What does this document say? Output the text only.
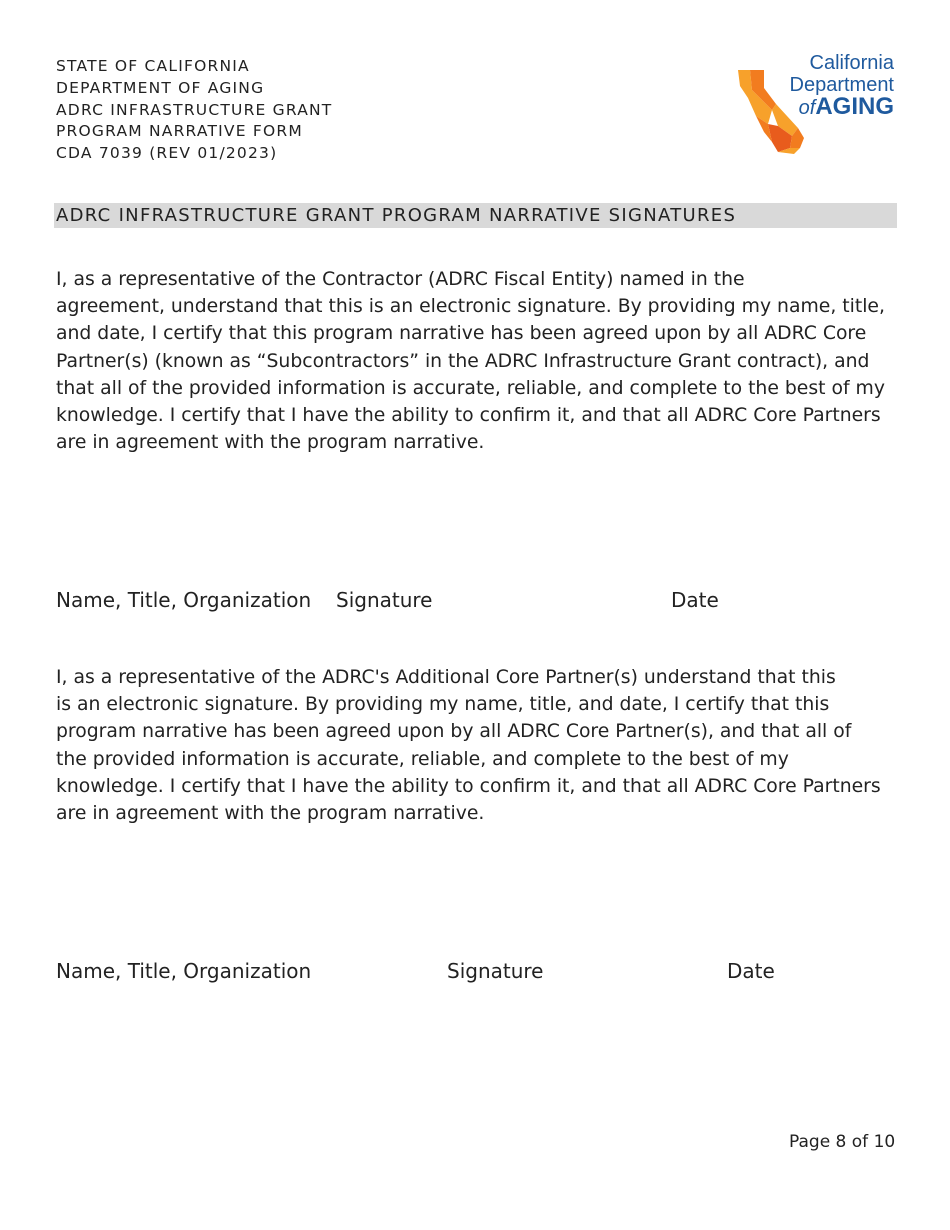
STATE OF CALIFORNIA
DEPARTMENT OF AGING
ADRC INFRASTRUCTURE GRANT
PROGRAM NARRATIVE FORM
CDA 7039 (REV 01/2023)
California
Department
ofAGING
ADRC INFRASTRUCTURE GRANT PROGRAM NARRATIVE SIGNATURES
I, as a representative of the Contractor (ADRC Fiscal Entity) named in the
agreement, understand that this is an electronic signature. By providing my name, title,
and date, I certify that this program narrative has been agreed upon by all ADRC Core
Partner(s) (known as “Subcontractors” in the ADRC Infrastructure Grant contract), and
that all of the provided information is accurate, reliable, and complete to the best of my
knowledge. I certify that I have the ability to confirm it, and that all ADRC Core Partners
are in agreement with the program narrative.
Name, Title, Organization Signature	Date
I, as a representative of the ADRC's Additional Core Partner(s) understand that this
is an electronic signature. By providing my name, title, and date, I certify that this
program narrative has been agreed upon by all ADRC Core Partner(s), and that all of
the provided information is accurate, reliable, and complete to the best of my
knowledge. I certify that I have the ability to confirm it, and that all ADRC Core Partners
are in agreement with the program narrative.
Name, Title, Organization	Signature	Date
Page 8 of 10
